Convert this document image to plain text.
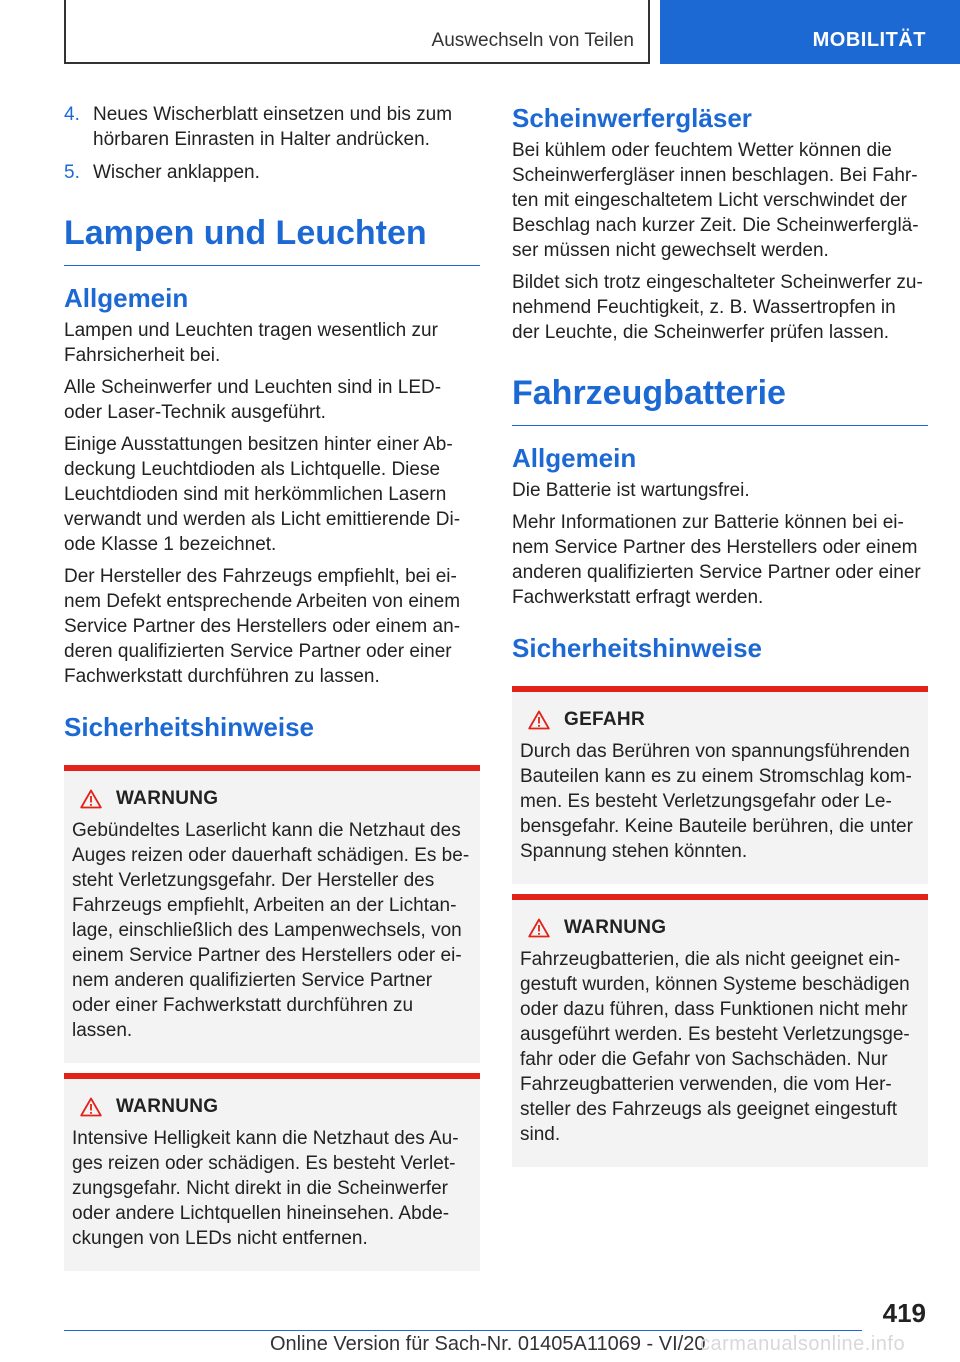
Auswechseln von Teilen	MOBILITÄT
4. Neues Wischerblatt einsetzen und bis zum hörbaren Einrasten in Halter andrücken.
5. Wischer anklappen.
Lampen und Leuchten
Allgemein

Lampen und Leuchten tragen wesentlich zur Fahrsicherheit bei.

Alle Scheinwerfer und Leuchten sind in LED- oder Laser-Technik ausgeführt.

Einige Ausstattungen besitzen hinter einer Abdeckung Leuchtdioden als Lichtquelle. Diese Leuchtdioden sind mit herkömmlichen Lasern verwandt und werden als Licht emittierende Diode Klasse 1 bezeichnet.

Der Hersteller des Fahrzeugs empfiehlt, bei einem Defekt entsprechende Arbeiten von einem Service Partner des Herstellers oder einem anderen qualifizierten Service Partner oder einer Fachwerkstatt durchführen zu lassen.

Sicherheitshinweise
WARNUNG

Gebündeltes Laserlicht kann die Netzhaut des Auges reizen oder dauerhaft schädigen. Es besteht Verletzungsgefahr. Der Hersteller des Fahrzeugs empfiehlt, Arbeiten an der Lichtanlage, einschließlich des Lampenwechsels, von einem Service Partner des Herstellers oder einem anderen qualifizierten Service Partner oder einer Fachwerkstatt durchführen zu lassen.

WARNUNG

Intensive Helligkeit kann die Netzhaut des Auges reizen oder schädigen. Es besteht Verletzungsgefahr. Nicht direkt in die Scheinwerfer oder andere Lichtquellen hineinsehen. Abdeckungen von LEDs nicht entfernen.

Scheinwerfergläser

Bei kühlem oder feuchtem Wetter können die Scheinwerfergläser innen beschlagen. Bei Fahrten mit eingeschaltetem Licht verschwindet der Beschlag nach kurzer Zeit. Die Scheinwerfergläser müssen nicht gewechselt werden.

Bildet sich trotz eingeschalteter Scheinwerfer zunehmend Feuchtigkeit, z. B. Wassertropfen in der Leuchte, die Scheinwerfer prüfen lassen.

Fahrzeugbatterie
Allgemein

Die Batterie ist wartungsfrei.

Mehr Informationen zur Batterie können bei einem Service Partner des Herstellers oder einem anderen qualifizierten Service Partner oder einer Fachwerkstatt erfragt werden.

Sicherheitshinweise
GEFAHR

Durch das Berühren von spannungsführenden Bauteilen kann es zu einem Stromschlag kommen. Es besteht Verletzungsgefahr oder Lebensgefahr. Keine Bauteile berühren, die unter Spannung stehen könnten.

WARNUNG

Fahrzeugbatterien, die als nicht geeignet eingestuft wurden, können Systeme beschädigen oder dazu führen, dass Funktionen nicht mehr ausgeführt werden. Es besteht Verletzungsgefahr oder die Gefahr von Sachschäden. Nur Fahrzeugbatterien verwenden, die vom Hersteller des Fahrzeugs als geeignet eingestuft sind.

419
Online Version für Sach-Nr. 01405A11069 - VI/20
carmanualsonline.info
